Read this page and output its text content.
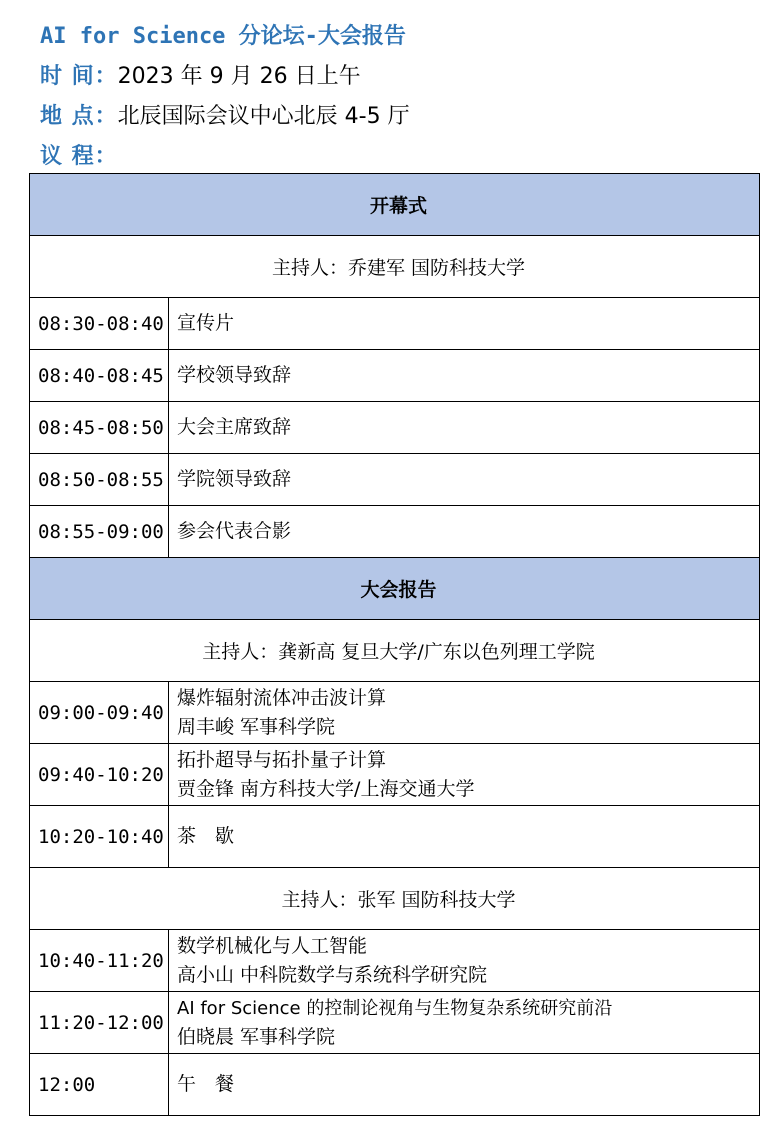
AI for Science 分论坛-大会报告
时 间：2023 年 9 月 26 日上午
地 点：北辰国际会议中心北辰 4-5 厅
议 程：
开幕式	
主持人：乔建军 国防科技大学	
08:30-08:40	宣传片
08:40-08:45	学校领导致辞
08:45-08:50	大会主席致辞
08:50-08:55	学院领导致辞
08:55-09:00	参会代表合影
大会报告	
主持人：龚新高 复旦大学/广东以色列理工学院	
09:00-09:40	爆炸辐射流体冲击波计算
周丰峻 军事科学院

09:40-10:20	拓扑超导与拓扑量子计算
贾金锋 南方科技大学/上海交通大学

10:20-10:40	茶　歇
主持人：张军 国防科技大学	
10:40-11:20	数学机械化与人工智能
高小山 中科院数学与系统科学研究院

11:20-12:00	AI for Science 的控制论视角与生物复杂系统研究前沿
伯晓晨 军事科学院

12:00	午　餐
